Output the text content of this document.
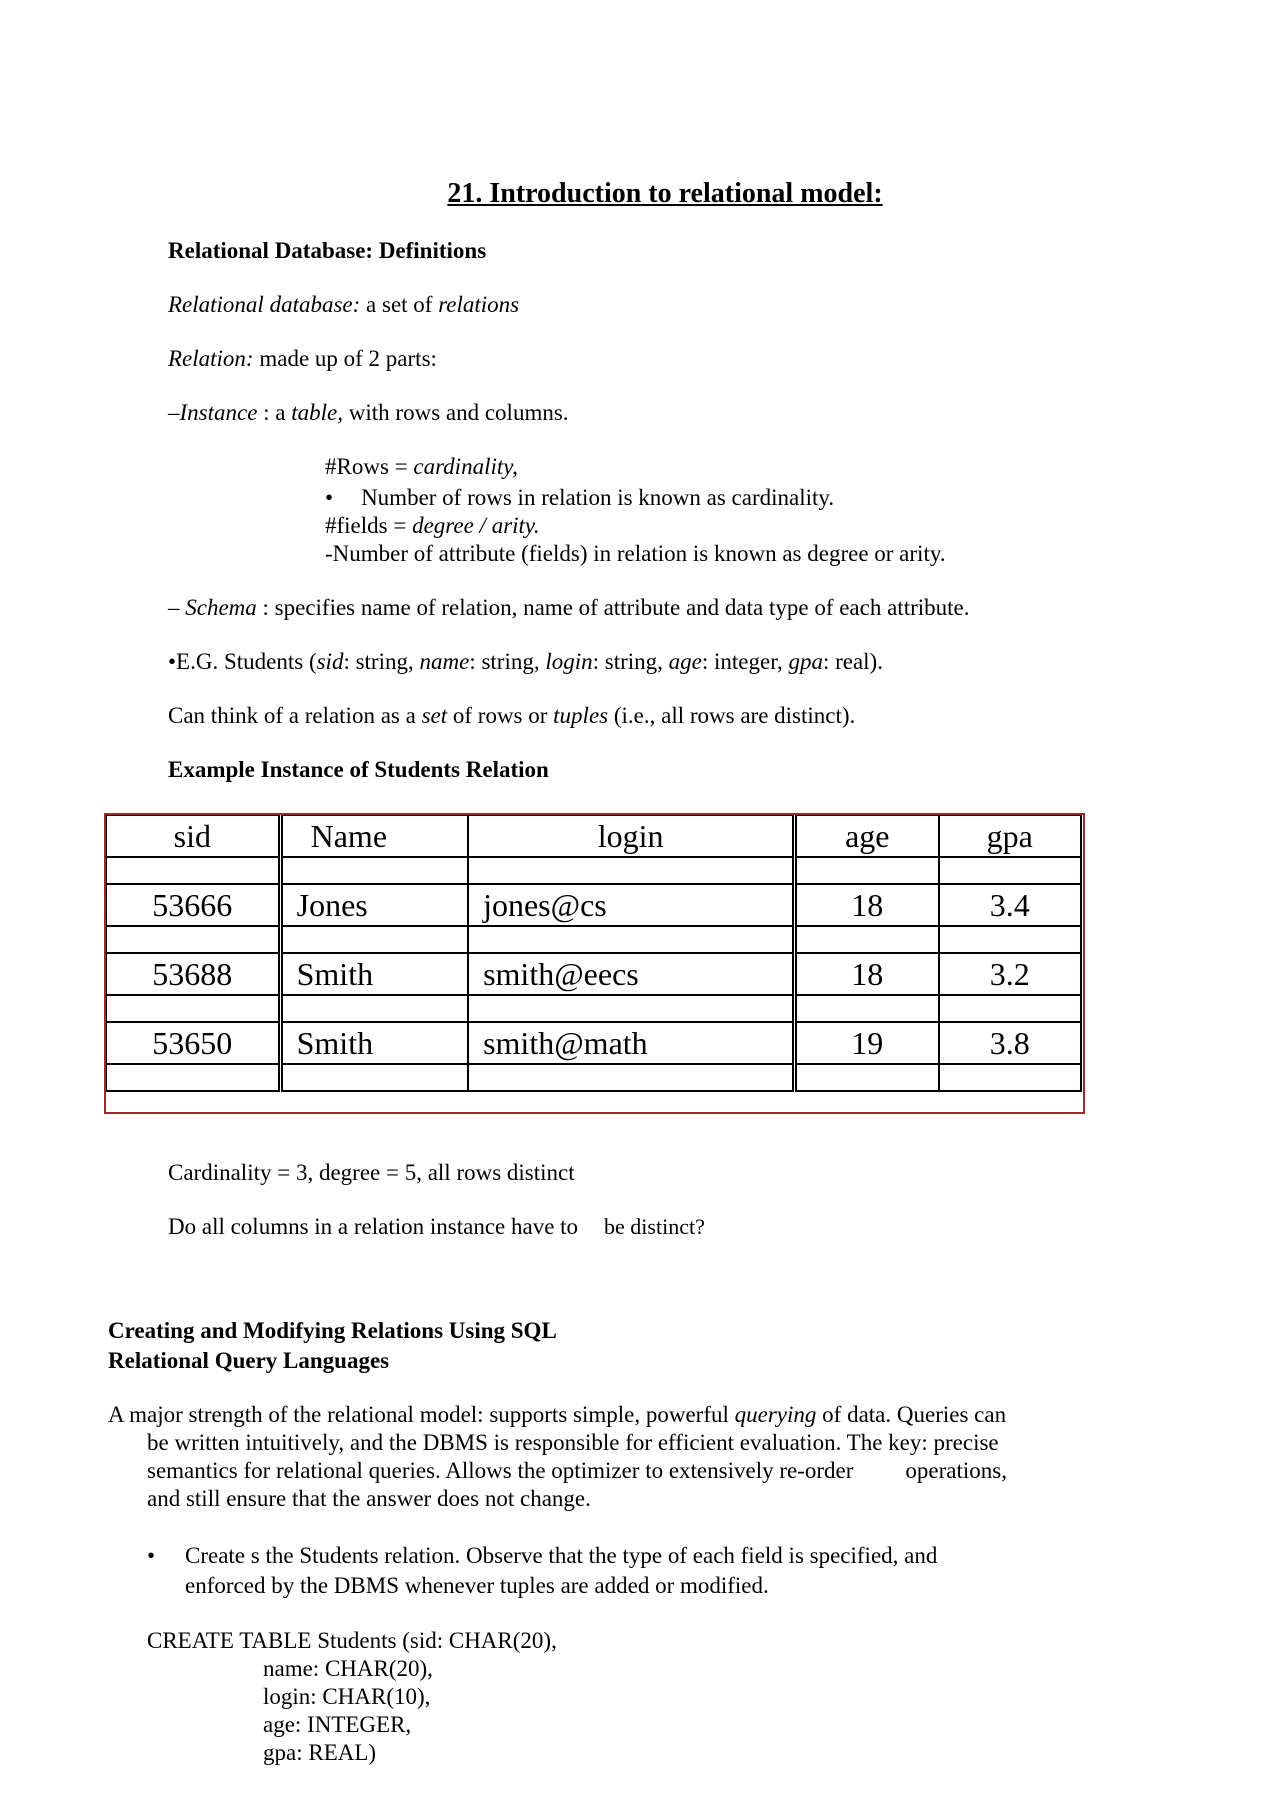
21. Introduction to relational model:
Relational Database: Definitions
Relational database: a set of relations
Relation: made up of 2 parts:
–Instance : a table, with rows and columns.
#Rows = cardinality,
• Number of rows in relation is known as cardinality.
#fields = degree / arity.
-Number of attribute (fields) in relation is known as degree or arity.
– Schema : specifies name of relation, name of attribute and data type of each attribute.
•E.G. Students (sid: string, name: string, login: string, age: integer, gpa: real).
Can think of a relation as a set of rows or tuples (i.e., all rows are distinct).
Example Instance of Students Relation
sid	Name	login	age	gpa

53666	Jones	jones@cs	18	3.4

53688	Smith	smith@eecs	18	3.2

53650	Smith	smith@math	19	3.8

Cardinality = 3, degree = 5, all rows distinct
Do all columns in a relation instance have to be distinct?
Creating and Modifying Relations Using SQL
Relational Query Languages
A major strength of the relational model: supports simple, powerful querying of data. Queries can
be written intuitively, and the DBMS is responsible for efficient evaluation. The key: precise
semantics for relational queries. Allows the optimizer to extensively re-order operations,
and still ensure that the answer does not change.
• Create s the Students relation. Observe that the type of each field is specified, and
enforced by the DBMS whenever tuples are added or modified.
CREATE TABLE Students (sid: CHAR(20),
name: CHAR(20),
login: CHAR(10),
age: INTEGER,
gpa: REAL)
